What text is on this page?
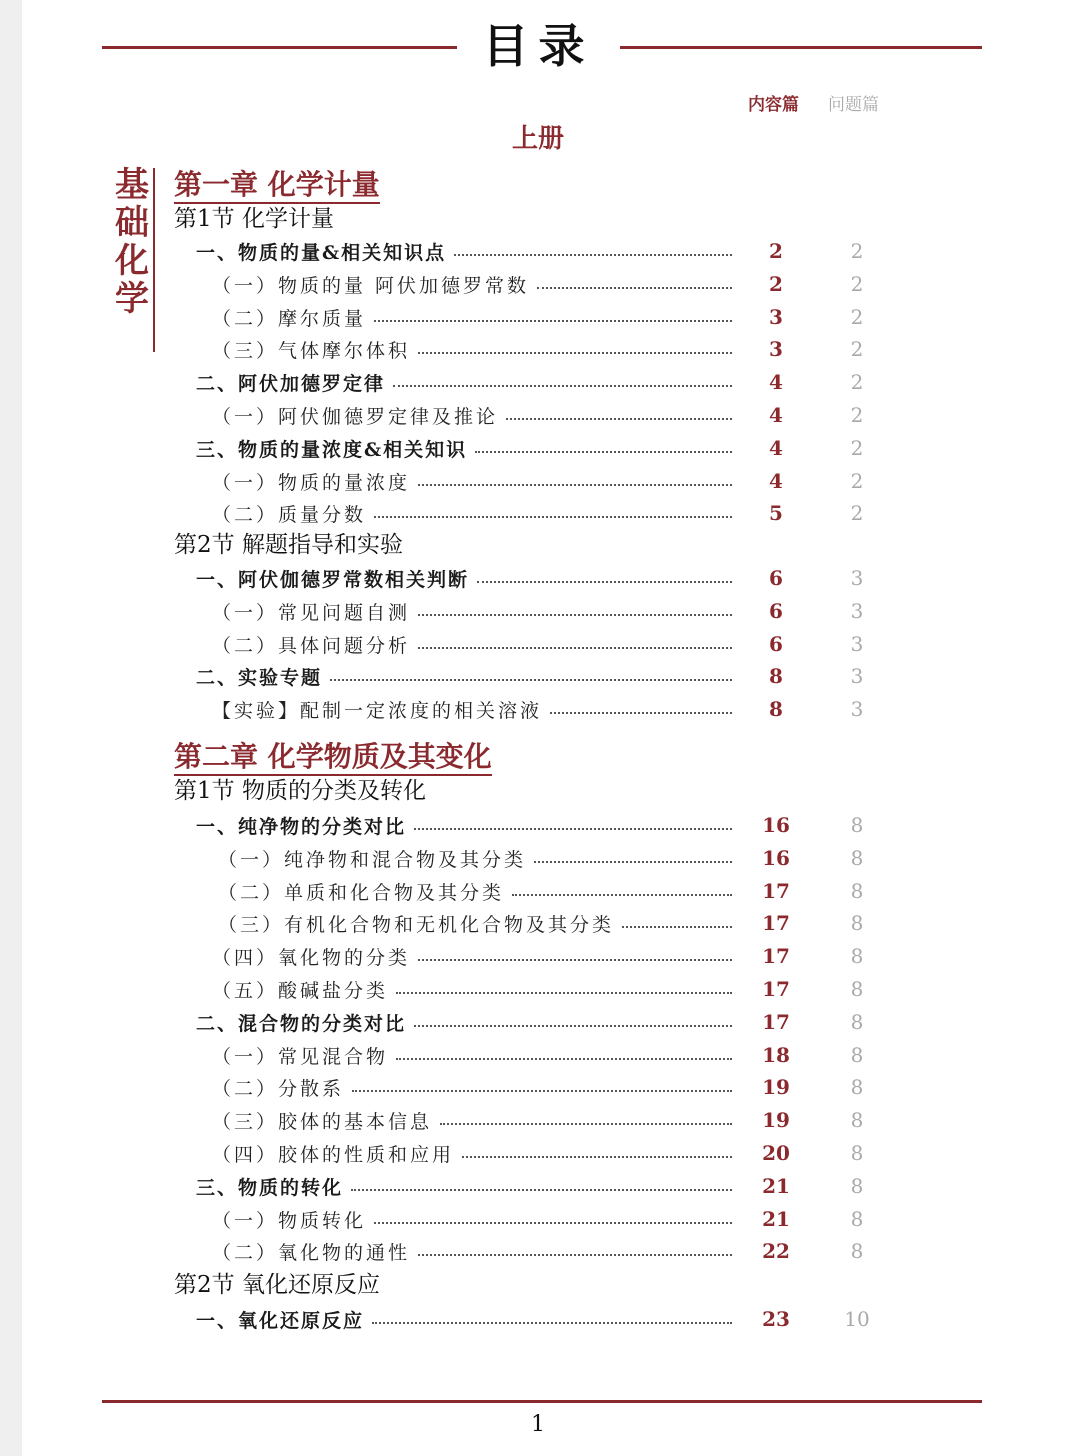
目录
内容篇 问题篇
上册
基
础
化
学
第一章 化学计量
第1节 化学计量
一、物质的量&相关知识点	2	2
（一）物质的量 阿伏加德罗常数	2	2
（二）摩尔质量	3	2
（三）气体摩尔体积	3	2
二、阿伏加德罗定律	4	2
（一）阿伏伽德罗定律及推论	4	2
三、物质的量浓度&相关知识	4	2
（一）物质的量浓度	4	2
（二）质量分数	5	2
第2节 解题指导和实验
一、阿伏伽德罗常数相关判断	6	3
（一）常见问题自测	6	3
（二）具体问题分析	6	3
二、实验专题	8	3
【实验】配制一定浓度的相关溶液	8	3
第二章 化学物质及其变化
第1节 物质的分类及转化
一、纯净物的分类对比	16	8
（一）纯净物和混合物及其分类	16	8
（二）单质和化合物及其分类	17	8
（三）有机化合物和无机化合物及其分类	17	8
（四）氧化物的分类	17	8
（五）酸碱盐分类	17	8
二、混合物的分类对比	17	8
（一）常见混合物	18	8
（二）分散系	19	8
（三）胶体的基本信息	19	8
（四）胶体的性质和应用	20	8
三、物质的转化	21	8
（一）物质转化	21	8
（二）氧化物的通性	22	8
第2节 氧化还原反应
一、氧化还原反应	23	10
1
